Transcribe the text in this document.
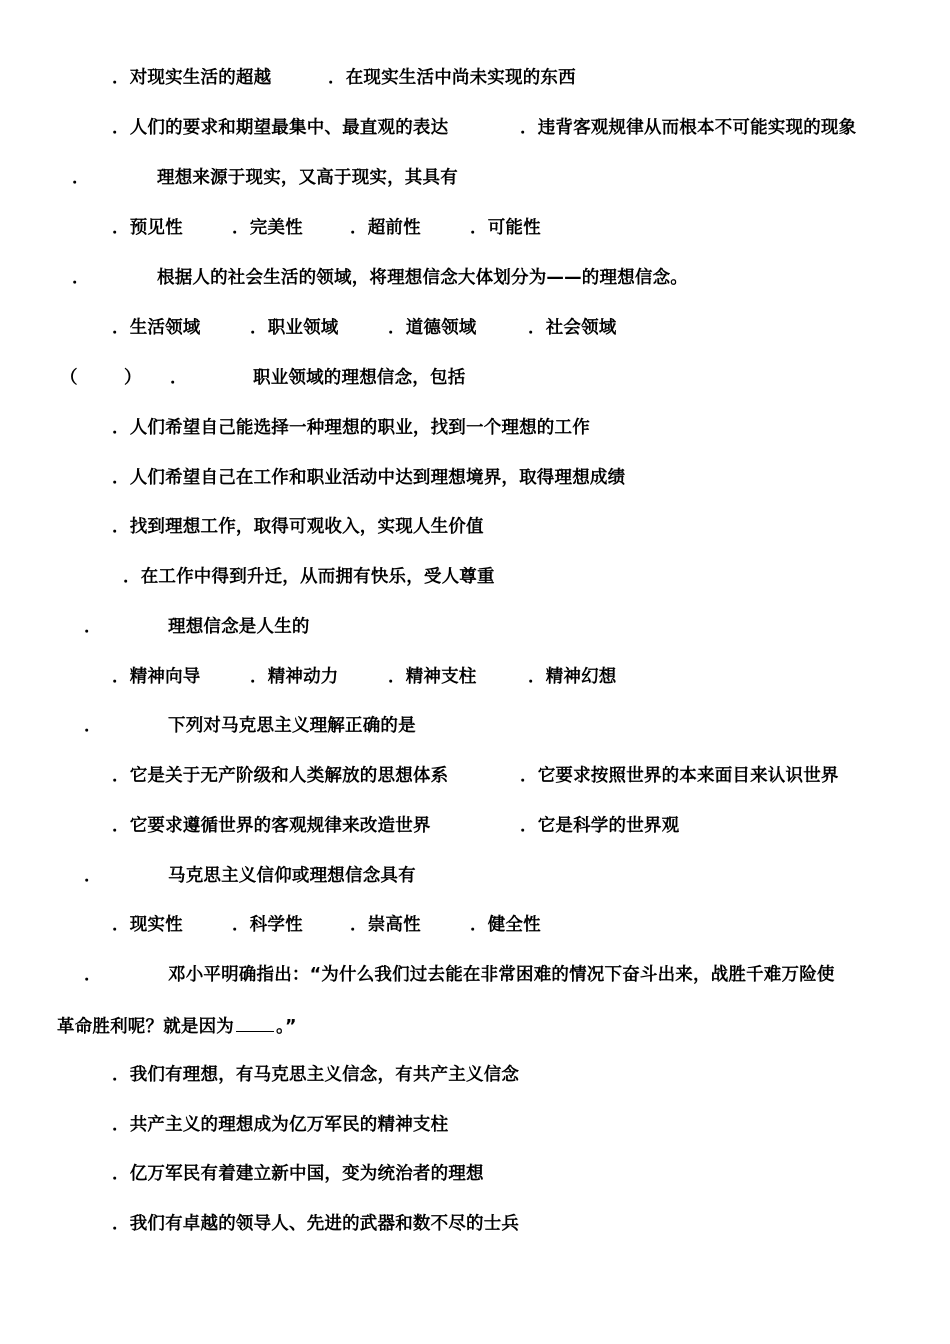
．对现实生活的超越	．在现实生活中尚未实现的东西
．人们的要求和期望最集中、最直观的表达	．违背客观规律从而根本不可能实现的现象
．	理想来源于现实，又高于现实，其具有
．预见性	．完美性	．超前性	．可能性
．	根据人的社会生活的领域，将理想信念大体划分为——的理想信念。
．生活领域	．职业领域	．道德领域	．社会领域
（	） ．	职业领域的理想信念，包括
．人们希望自己能选择一种理想的职业，找到一个理想的工作
．人们希望自己在工作和职业活动中达到理想境界，取得理想成绩
．找到理想工作，取得可观收入，实现人生价值
．在工作中得到升迁，从而拥有快乐，受人尊重
．	理想信念是人生的
．精神向导	．精神动力	．精神支柱	．精神幻想
．	下列对马克思主义理解正确的是
．它是关于无产阶级和人类解放的思想体系	．它要求按照世界的本来面目来认识世界
．它要求遵循世界的客观规律来改造世界	．它是科学的世界观
．	马克思主义信仰或理想信念具有
．现实性	．科学性	．崇高性	．健全性
．	邓小平明确指出：“为什么我们过去能在非常困难的情况下奋斗出来，战胜千难万险使
革命胜利呢？就是因为 。”
．我们有理想，有马克思主义信念，有共产主义信念
．共产主义的理想成为亿万军民的精神支柱
．亿万军民有着建立新中国，变为统治者的理想
．我们有卓越的领导人、先进的武器和数不尽的士兵
